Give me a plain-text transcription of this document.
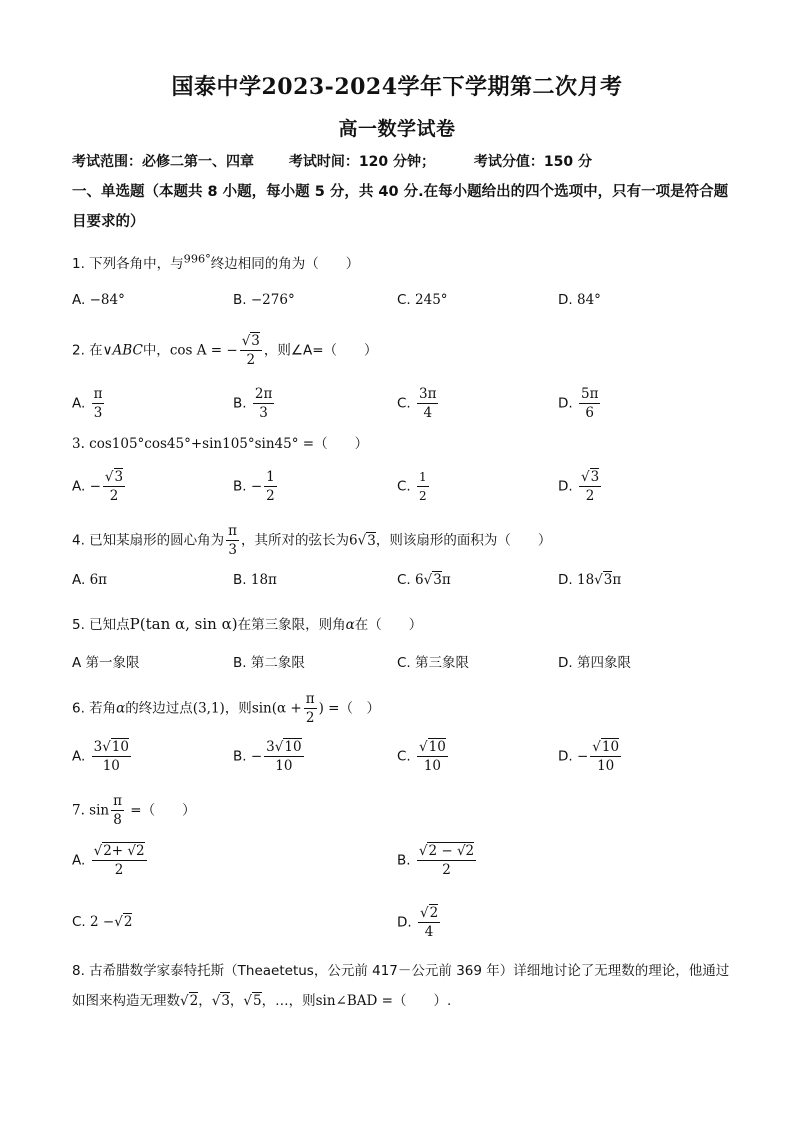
国泰中学2023-2024学年下学期第二次月考
高一数学试卷
考试范围：必修二第一、四章 考试时间：120 分钟；	考试分值：150 分
一、单选题（本题共 8 小题，每小题 5 分，共 40 分.在每小题给出的四个选项中，只有一项是符合题目要求的）
1. 下列各角中，与$^{996^\circ}$终边相同的角为（　　）
A. −84°	B. −276°	C. 245°	D. 84°
2. 在∨ABC中，cos A = − $\frac{√3}{2}$ ，则∠A=（　　）
A. $\frac{\pi}{3}$	B. $\frac{2\pi}{3}$	C. $\frac{3\pi}{4}$	D. $\frac{5\pi}{6}$
3. cos105°cos45°+sin105°sin45° =（　　）
A. − $\frac{√3}{2}$	B. − $\frac{1}{2}$	C. $\frac{1}{2}$	D. $\frac{√3}{2}$
4. 已知某扇形的圆心角为 $\frac{\pi}{3}$ ，其所对的弦长为6√3，则该扇形的面积为（　　）
A. 6π	B. 18π	C. 6√3π	D. 18√3π
5. 已知点P(tan α, sin α)在第三象限，则角α在（　　）
A 第一象限	B. 第二象限	C. 第三象限	D. 第四象限
6. 若角α的终边过点(3,1)，则$\sin(\alpha + \frac{\pi}{2}$ ) =（　）
A. $\frac{3√10}{10}$	B. − $\frac{3√10}{10}$	C. $\frac{√10}{10}$	D. − $\frac{√10}{10}$
7. $\sin \frac{\pi}{8}$ =（　　）
A. $\frac{√2+ √2}{2}$	B. $\frac{√2 - √2}{2}$
C. 2 −√2	D. $\frac{√2}{4}$
8. 古希腊数学家泰特托斯（Theaetetus，公元前 417－公元前 369 年）详细地讨论了无理数的理论，他通过
如图来构造无理数√2，√3，√5，…，则sin∠BAD =（　　）.
